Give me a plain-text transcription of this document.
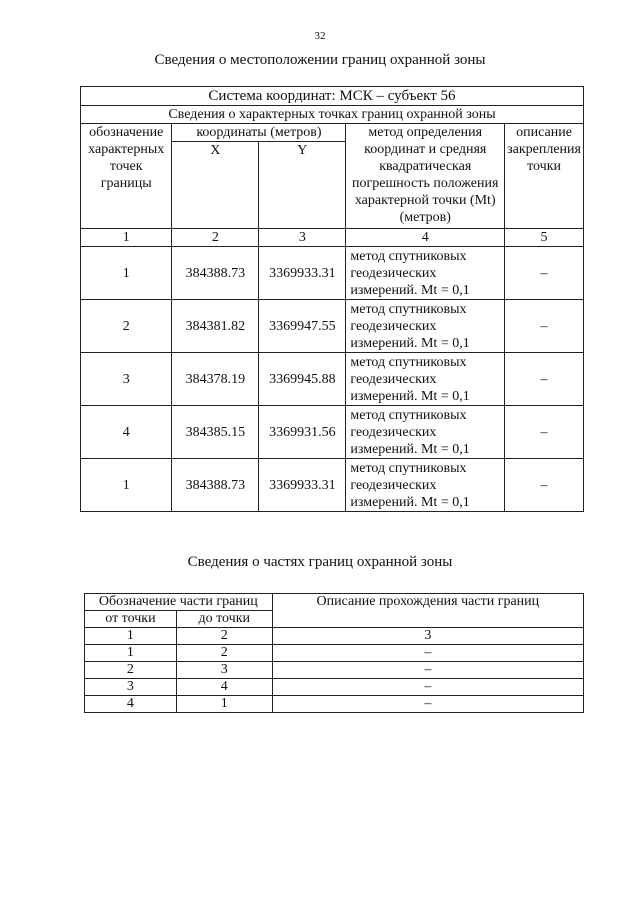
32
Сведения о местоположении границ охранной зоны
Система координат: МСК – субъект 56				
Сведения о характерных точках границ охранной зоны				
обозначение характерных точек границы	координаты (метров)		метод определения координат и средняя квадратическая погрешность положения характерной точки (Mt) (метров)	описание закрепления точки
	X	Y		
1	2	3	4	5
1	384388.73	3369933.31	метод спутниковых геодезических измерений. Mt = 0,1	–
2	384381.82	3369947.55	метод спутниковых геодезических измерений. Mt = 0,1	–
3	384378.19	3369945.88	метод спутниковых геодезических измерений. Mt = 0,1	–
4	384385.15	3369931.56	метод спутниковых геодезических измерений. Mt = 0,1	–
1	384388.73	3369933.31	метод спутниковых геодезических измерений. Mt = 0,1	–
Сведения о частях границ охранной зоны
Обозначение части границ		Описание прохождения части границ
от точки	до точки	
1	2	3
1	2	–
2	3	–
3	4	–
4	1	–
